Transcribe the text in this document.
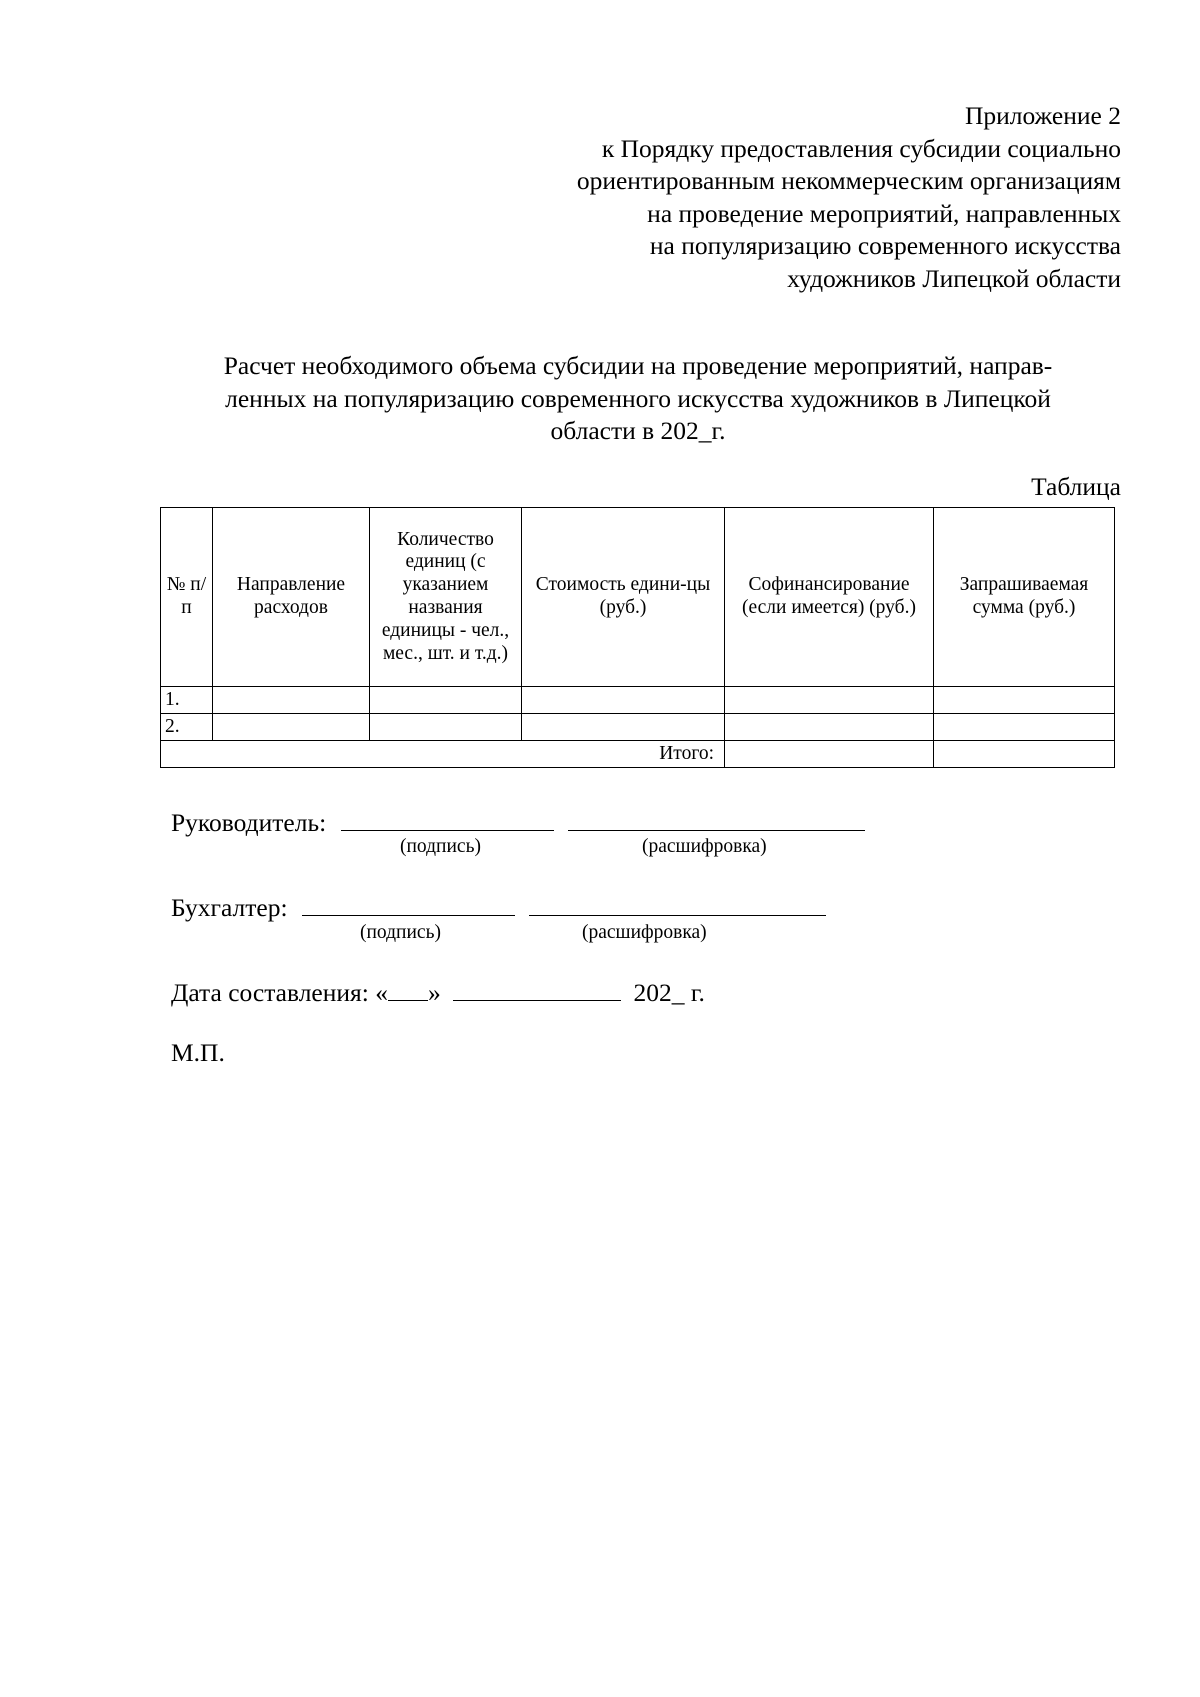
Приложение 2
к Порядку предоставления субсидии социально
ориентированным некоммерческим организациям
на проведение мероприятий, направленных
на популяризацию современного искусства
художников Липецкой области
Расчет необходимого объема субсидии на проведение мероприятий, направ-
ленных на популяризацию современного искусства художников в Липецкой
области в 202_г.
Таблица
№ п/п	Направление расходов	Количество единиц (с указанием названия единицы - чел., мес., шт. и т.д.)	Стоимость едини-цы (руб.)	Софинансирование (если имеется) (руб.)	Запрашиваемая сумма (руб.)
1.					
2.					
Итого:					
Руководитель:
(подпись)	(расшифровка)
Бухгалтер:
(подпись)	(расшифровка)
Дата составления: « »	202_ г.
М.П.
